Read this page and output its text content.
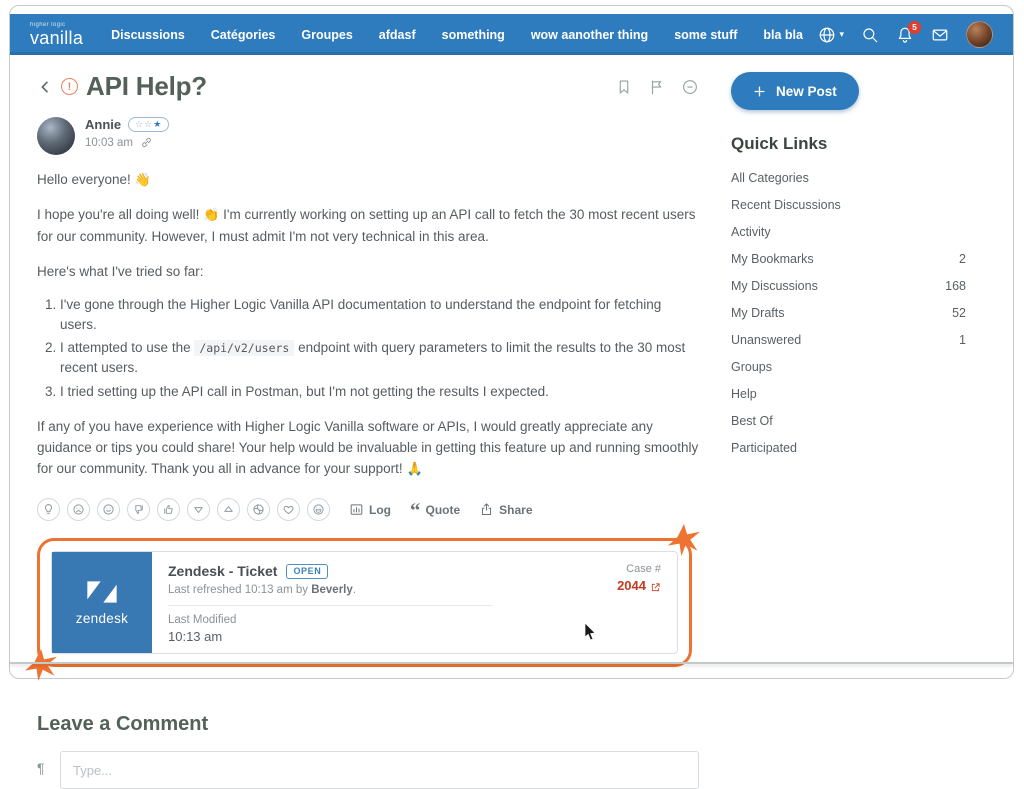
higher logic
vanilla Discussions Catégories Groupes afdasf something wow aanother thing some stuff bla bla	▾
5
! API Help?
Annie ☆☆ ★
10:03 am

Hello everyone! 👋

I hope you're all doing well! 👏 I'm currently working on setting up an API call to fetch the 30 most recent users for our community. However, I must admit I'm not very technical in this area.

Here's what I've tried so far:

1. I've gone through the Higher Logic Vanilla API documentation to understand the endpoint for fetching users.
2. I attempted to use the /api/v2/users endpoint with query parameters to limit the results to the 30 most recent users.
3. I tried setting up the API call in Postman, but I'm not getting the results I expected.

If any of you have experience with Higher Logic Vanilla software or APIs, I would greatly appreciate any guidance or tips you could share! Your help would be invaluable in getting this feature up and running smoothly for our community. Thank you all in advance for your support! 🙏

Log “ Quote	Share
zendesk
Zendesk - Ticket	OPEN
Last refreshed 10:13 am by Beverly.
Case #
2044
Last Modified
10:13 am
Leave a Comment
¶
Type...
New Post
Quick Links
All Categories
Recent Discussions
Activity
My Bookmarks	2
My Discussions	168
My Drafts	52
Unanswered	1
Groups
Help
Best Of
Participated
